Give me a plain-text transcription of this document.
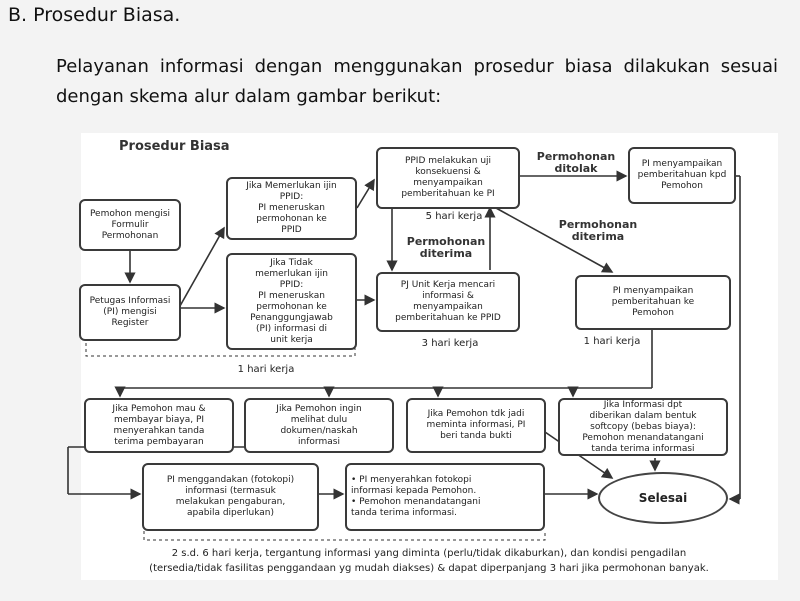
B. Prosedur Biasa.
Pelayanan informasi dengan menggunakan prosedur biasa dilakukan sesuai dengan skema alur dalam gambar berikut:
Prosedur Biasa
Pemohon mengisi
Formulir
Permohonan
Petugas Informasi
(PI) mengisi
Register
Jika Memerlukan ijin
PPID:
PI meneruskan
permohonan ke
PPID
Jika Tidak
memerlukan ijin
PPID:
PI meneruskan
permohonan ke
Penanggungjawab
(PI) informasi di
unit kerja
PPID melakukan uji
konsekuensi &
menyampaikan
pemberitahuan ke PI
PJ Unit Kerja mencari
informasi &
menyampaikan
pemberitahuan ke PPID
PI menyampaikan
pemberitahuan kpd
Pemohon
PI menyampaikan
pemberitahuan ke
Pemohon
Jika Pemohon mau &
membayar biaya, PI
menyerahkan tanda
terima pembayaran
Jika Pemohon ingin
melihat dulu
dokumen/naskah
informasi
Jika Pemohon tdk jadi
meminta informasi, PI
beri tanda bukti
Jika Informasi dpt
diberikan dalam bentuk
softcopy (bebas biaya):
Pemohon menandatangani
tanda terima informasi
PI menggandakan (fotokopi)
informasi (termasuk
melakukan pengaburan,
apabila diperlukan)
• PI menyerahkan fotokopi
informasi kepada Pemohon.
• Pemohon menandatangani
tanda terima informasi.
Selesai
Permohonan
ditolak
Permohonan
diterima
Permohonan
diterima
5 hari kerja
3 hari kerja	1 hari kerja
1 hari kerja
2 s.d. 6 hari kerja, tergantung informasi yang diminta (perlu/tidak dikaburkan), dan kondisi pengadilan
(tersedia/tidak fasilitas penggandaan yg mudah diakses) & dapat diperpanjang 3 hari jika permohonan banyak.
